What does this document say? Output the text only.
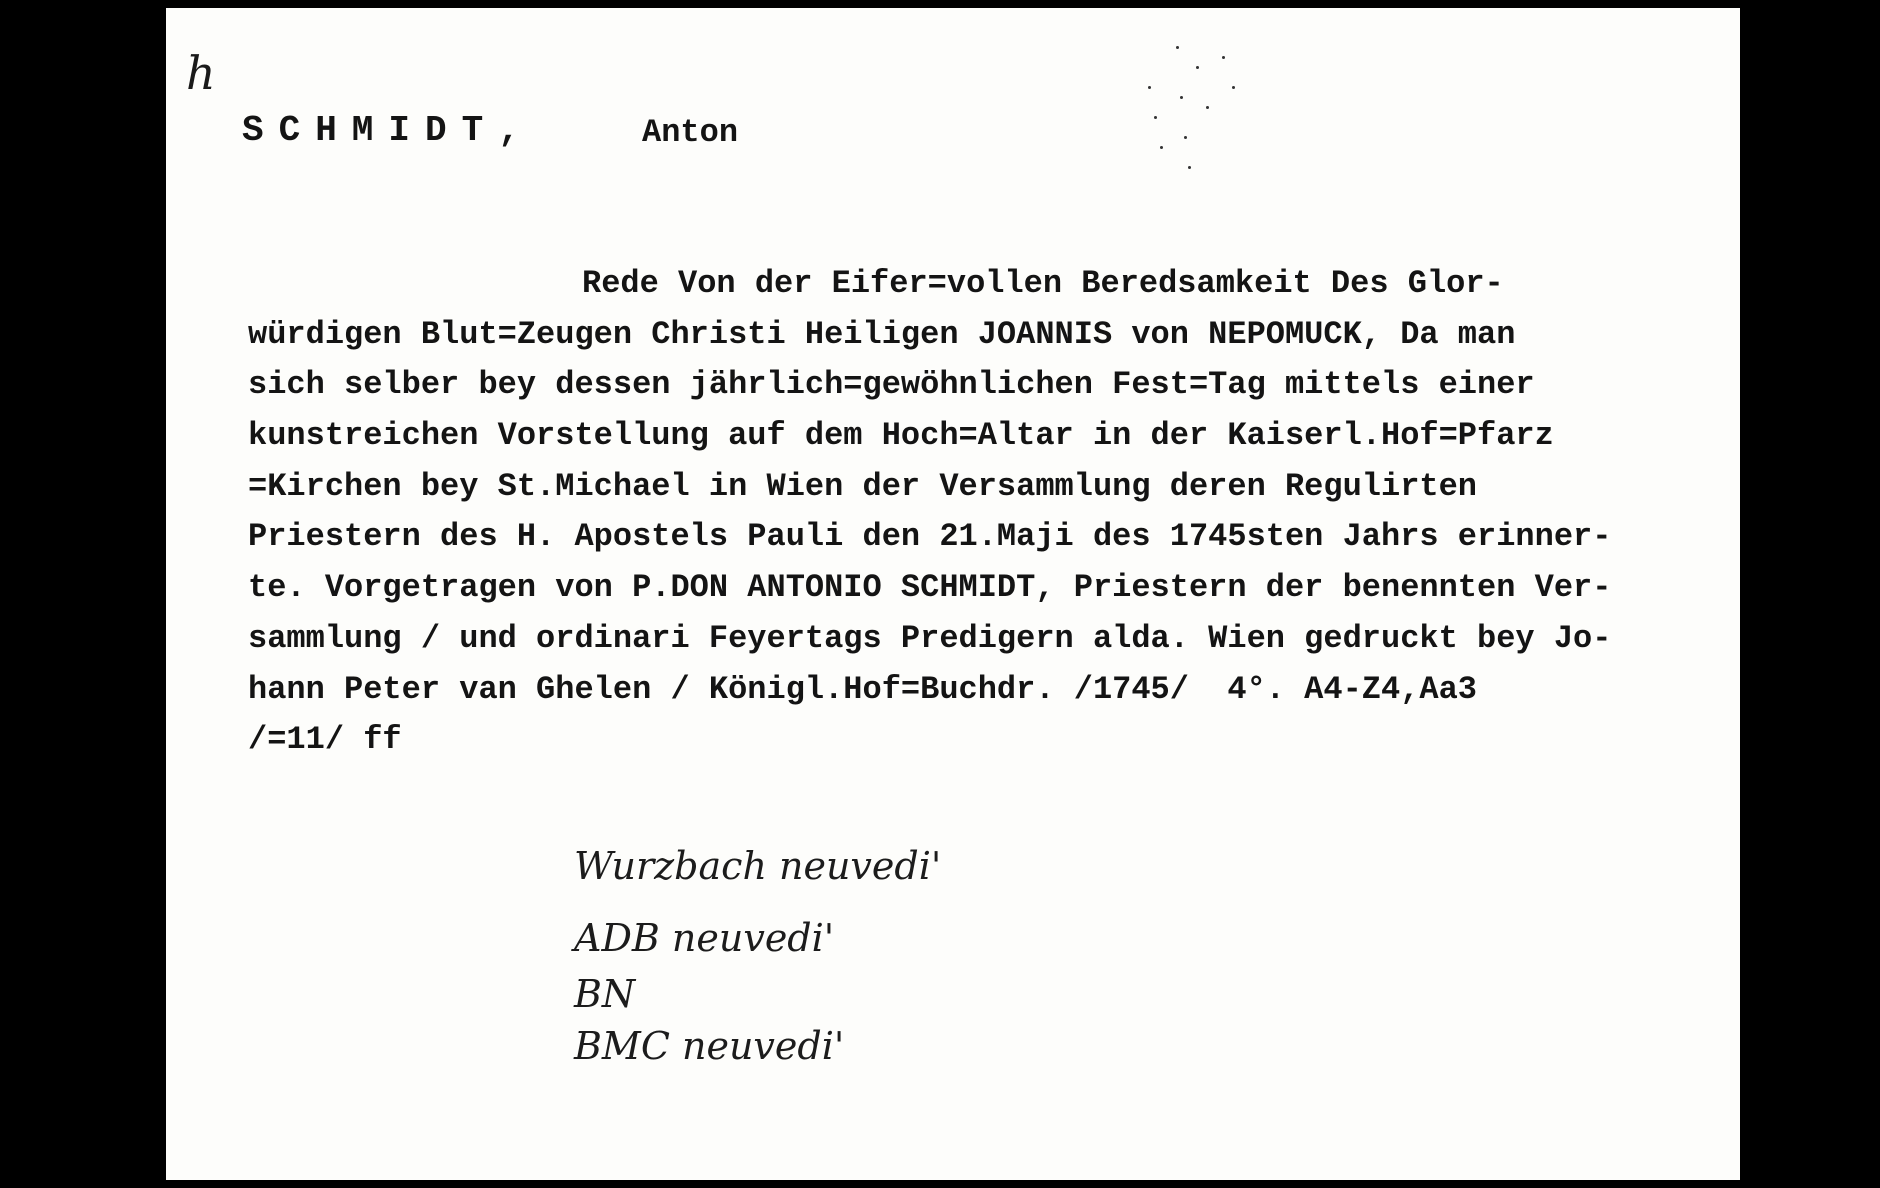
h
SCHMIDT,	Anton
Rede Von der Eifer=vollen Beredsamkeit Des Glor-
würdigen Blut=Zeugen Christi Heiligen JOANNIS von NEPOMUCK, Da man
sich selber bey dessen jährlich=gewöhnlichen Fest=Tag mittels einer
kunstreichen Vorstellung auf dem Hoch=Altar in der Kaiserl.Hof=Pfarz
=Kirchen bey St.Michael in Wien der Versammlung deren Regulirten
Priestern des H. Apostels Pauli den 21.Maji des 1745sten Jahrs erinner-
te. Vorgetragen von P.DON ANTONIO SCHMIDT, Priestern der benennten Ver-
sammlung / und ordinari Feyertags Predigern alda. Wien gedruckt bey Jo-
hann Peter van Ghelen / Königl.Hof=Buchdr. /1745/  4°. A4-Z4,Aa3
/=11/ ff
Wurzbach neuvedi'
ADB neuvedi'
BN
BMC neuvedi'
